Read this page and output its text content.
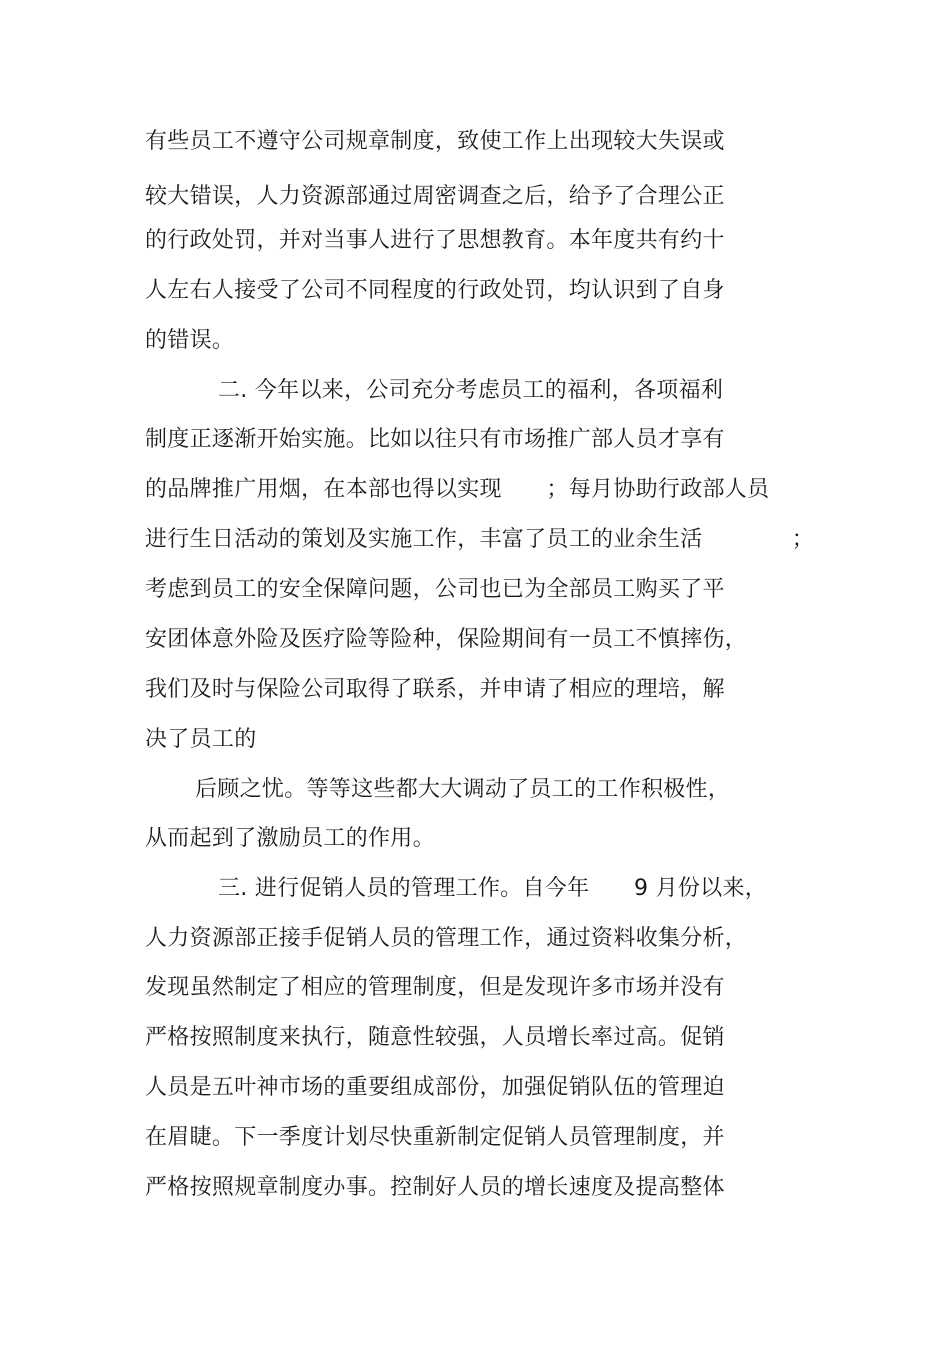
有些员工不遵守公司规章制度，致使工作上出现较大失误或
较大错误，人力资源部通过周密调查之后，给予了合理公正
的行政处罚，并对当事人进行了思想教育。本年度共有约十
人左右人接受了公司不同程度的行政处罚，均认识到了自身
的错误。
二. 今年以来，公司充分考虑员工的福利，各项福利
制度正逐渐开始实施。比如以往只有市场推广部人员才享有
的品牌推广用烟，在本部也得以实现　　；每月协助行政部人员
进行生日活动的策划及实施工作，丰富了员工的业余生活　　　　；
考虑到员工的安全保障问题，公司也已为全部员工购买了平
安团体意外险及医疗险等险种，保险期间有一员工不慎摔伤，
我们及时与保险公司取得了联系，并申请了相应的理培，解
决了员工的
后顾之忧。等等这些都大大调动了员工的工作积极性，
从而起到了激励员工的作用。
三. 进行促销人员的管理工作。自今年　　9 月份以来，
人力资源部正接手促销人员的管理工作，通过资料收集分析，
发现虽然制定了相应的管理制度，但是发现许多市场并没有
严格按照制度来执行，随意性较强，人员增长率过高。促销
人员是五叶神市场的重要组成部份，加强促销队伍的管理迫
在眉睫。下一季度计划尽快重新制定促销人员管理制度，并
严格按照规章制度办事。控制好人员的增长速度及提高整体
